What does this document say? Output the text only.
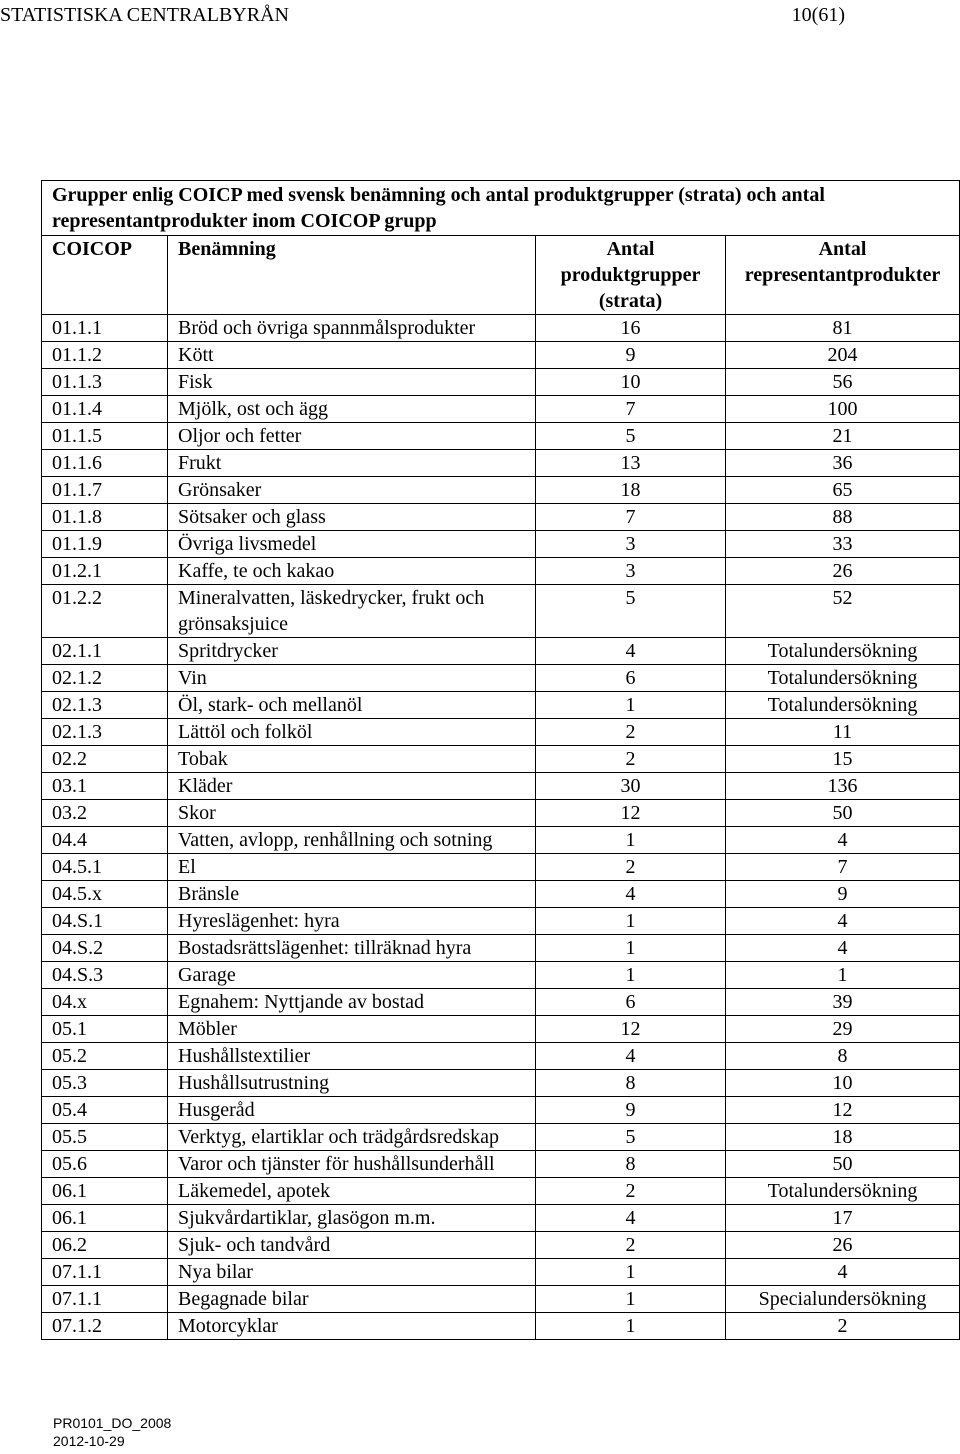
STATISTISKA CENTRALBYRÅN	10(61)
Grupper enlig COICP med svensk benämning och antal produktgrupper (strata) och antal representantprodukter inom COICOP grupp			
COICOP	Benämning	Antal produktgrupper (strata)	Antal representantprodukter
01.1.1	Bröd och övriga spannmålsprodukter	16	81
01.1.2	Kött	9	204
01.1.3	Fisk	10	56
01.1.4	Mjölk, ost och ägg	7	100
01.1.5	Oljor och fetter	5	21
01.1.6	Frukt	13	36
01.1.7	Grönsaker	18	65
01.1.8	Sötsaker och glass	7	88
01.1.9	Övriga livsmedel	3	33
01.2.1	Kaffe, te och kakao	3	26
01.2.2	Mineralvatten, läskedrycker, frukt och grönsaksjuice	5	52
02.1.1	Spritdrycker	4	Totalundersökning
02.1.2	Vin	6	Totalundersökning
02.1.3	Öl, stark- och mellanöl	1	Totalundersökning
02.1.3	Lättöl och folköl	2	11
02.2	Tobak	2	15
03.1	Kläder	30	136
03.2	Skor	12	50
04.4	Vatten, avlopp, renhållning och sotning	1	4
04.5.1	El	2	7
04.5.x	Bränsle	4	9
04.S.1	Hyreslägenhet: hyra	1	4
04.S.2	Bostadsrättslägenhet: tillräknad hyra	1	4
04.S.3	Garage	1	1
04.x	Egnahem: Nyttjande av bostad	6	39
05.1	Möbler	12	29
05.2	Hushållstextilier	4	8
05.3	Hushållsutrustning	8	10
05.4	Husgeråd	9	12
05.5	Verktyg, elartiklar och trädgårdsredskap	5	18
05.6	Varor och tjänster för hushållsunderhåll	8	50
06.1	Läkemedel, apotek	2	Totalundersökning
06.1	Sjukvårdartiklar, glasögon m.m.	4	17
06.2	Sjuk- och tandvård	2	26
07.1.1	Nya bilar	1	4
07.1.1	Begagnade bilar	1	Specialundersökning
07.1.2	Motorcyklar	1	2
PR0101_DO_2008
2012-10-29
